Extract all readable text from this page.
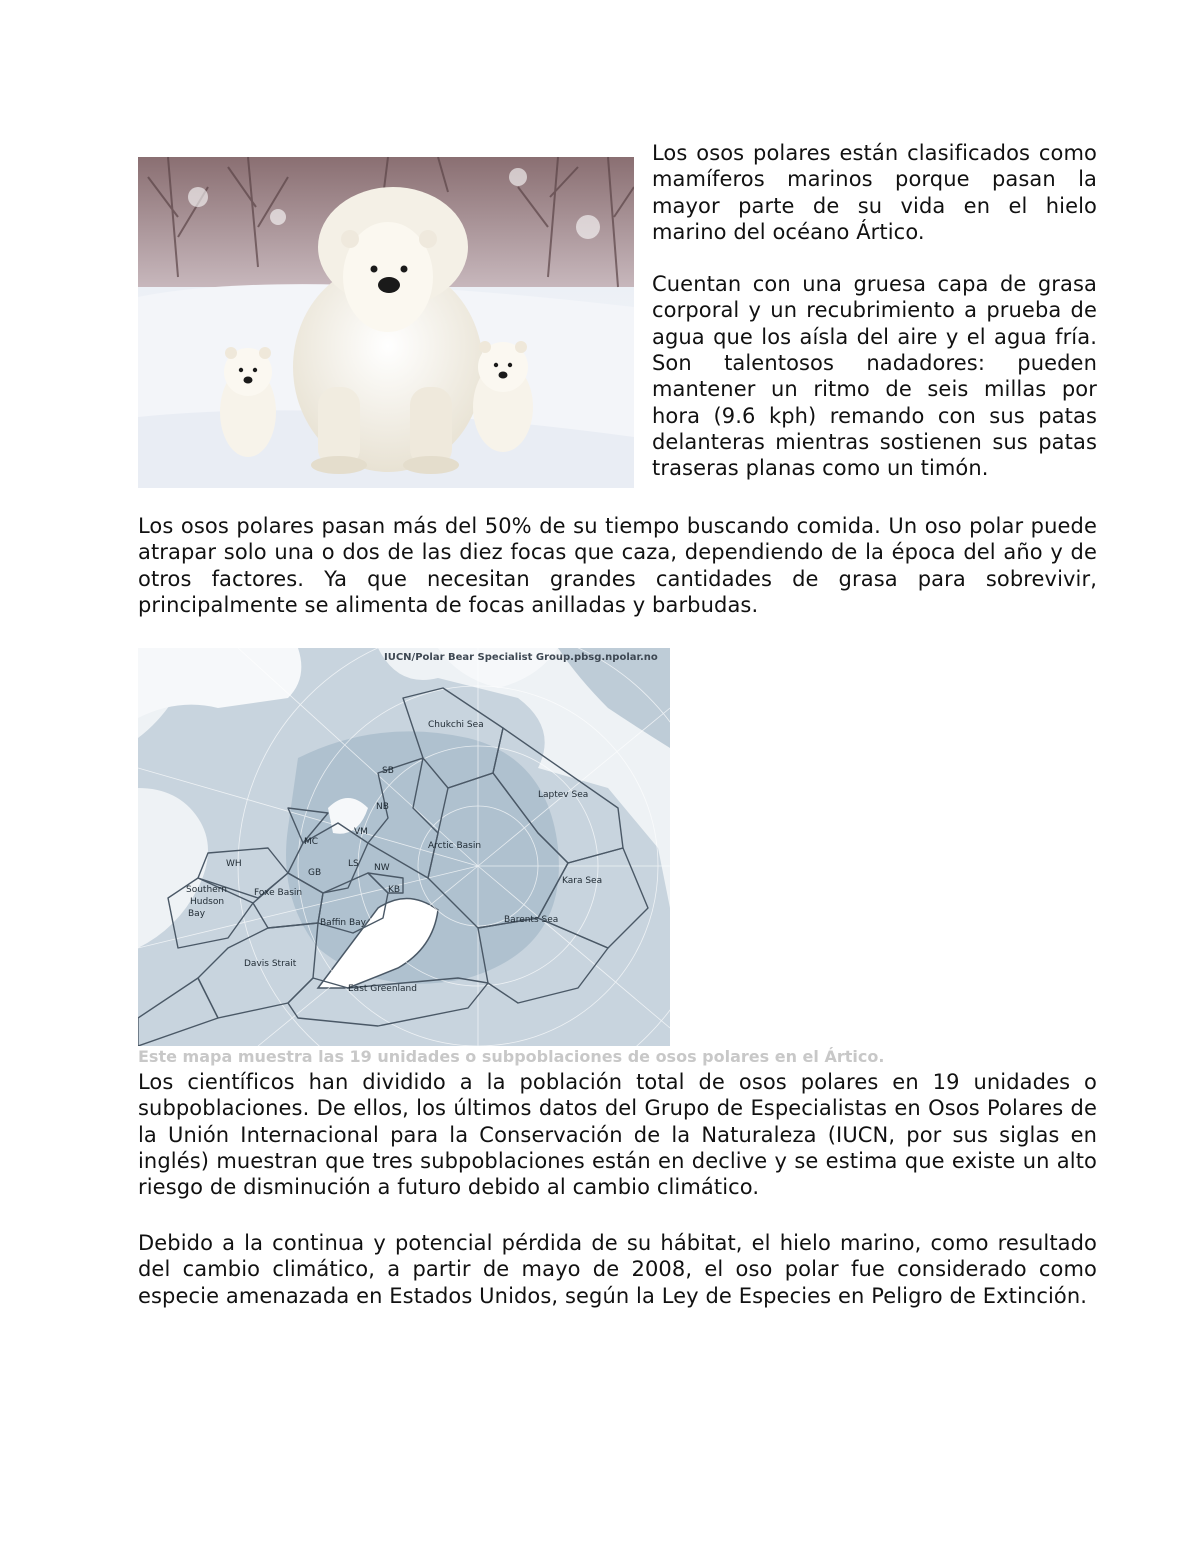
Los osos polares están clasificados como mamíferos marinos porque pasan la mayor parte de su vida en el hielo marino del océano Ártico.

Cuentan con una gruesa capa de grasa corporal y un recubrimiento a prueba de agua que los aísla del aire y el agua fría. Son talentosos nadadores: pueden mantener un ritmo de seis millas por hora (9.6 kph) remando con sus patas delanteras mientras sostienen sus patas traseras planas como un timón.

Los osos polares pasan más del 50% de su tiempo buscando comida. Un oso polar puede atrapar solo una o dos de las diez focas que caza, dependiendo de la época del año y de otros factores. Ya que necesitan grandes cantidades de grasa para sobrevivir, principalmente se alimenta de focas anilladas y barbudas.

IUCN/Polar Bear Specialist Group.pbsg.npolar.no
Chukchi Sea
SB
NB
Laptev Sea
MC
VM
WH
Arctic Basin
GB
LS NW
Southern
Hudson
Bay
Foxe Basin	KB
Kara Sea
Baffin Bay	Barents Sea
Davis Strait
East Greenland
Este mapa muestra las 19 unidades o subpoblaciones de osos polares en el Ártico.

Los científicos han dividido a la población total de osos polares en 19 unidades o subpoblaciones. De ellos, los últimos datos del Grupo de Especialistas en Osos Polares de la Unión Internacional para la Conservación de la Naturaleza (IUCN, por sus siglas en inglés) muestran que tres subpoblaciones están en declive y se estima que existe un alto riesgo de disminución a futuro debido al cambio climático.

Debido a la continua y potencial pérdida de su hábitat, el hielo marino, como resultado del cambio climático, a partir de mayo de 2008, el oso polar fue considerado como especie amenazada en Estados Unidos, según la Ley de Especies en Peligro de Extinción.
